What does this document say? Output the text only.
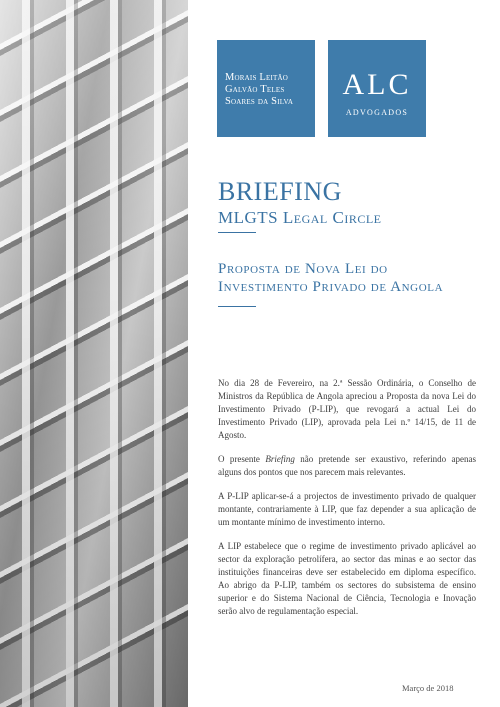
Morais Leitão
Galvão Teles
Soares da Silva
ALC
ADVOGADOS
BRIEFING
MLGTS Legal Circle
Proposta de Nova Lei do
Investimento Privado de Angola

No dia 28 de Fevereiro, na 2.ª Sessão Ordinária, o Conselho de Ministros da República de Angola apreciou a Proposta da nova Lei do Investimento Privado (P-LIP), que revogará a actual Lei do Investimento Privado (LIP), aprovada pela Lei n.º 14/15, de 11 de Agosto.

O presente Briefing não pretende ser exaustivo, referindo apenas alguns dos pontos que nos parecem mais relevantes.

A P-LIP aplicar-se-á a projectos de investimento privado de qualquer montante, contrariamente à LIP, que faz depender a sua aplicação de um montante mínimo de investimento interno.

A LIP estabelece que o regime de investimento privado aplicável ao sector da exploração petrolífera, ao sector das minas e ao sector das instituições financeiras deve ser estabelecido em diploma específico. Ao abrigo da P-LIP, também os sectores do subsistema de ensino superior e do Sistema Nacional de Ciência, Tecnologia e Inovação serão alvo de regulamentação especial.

Março de 2018
